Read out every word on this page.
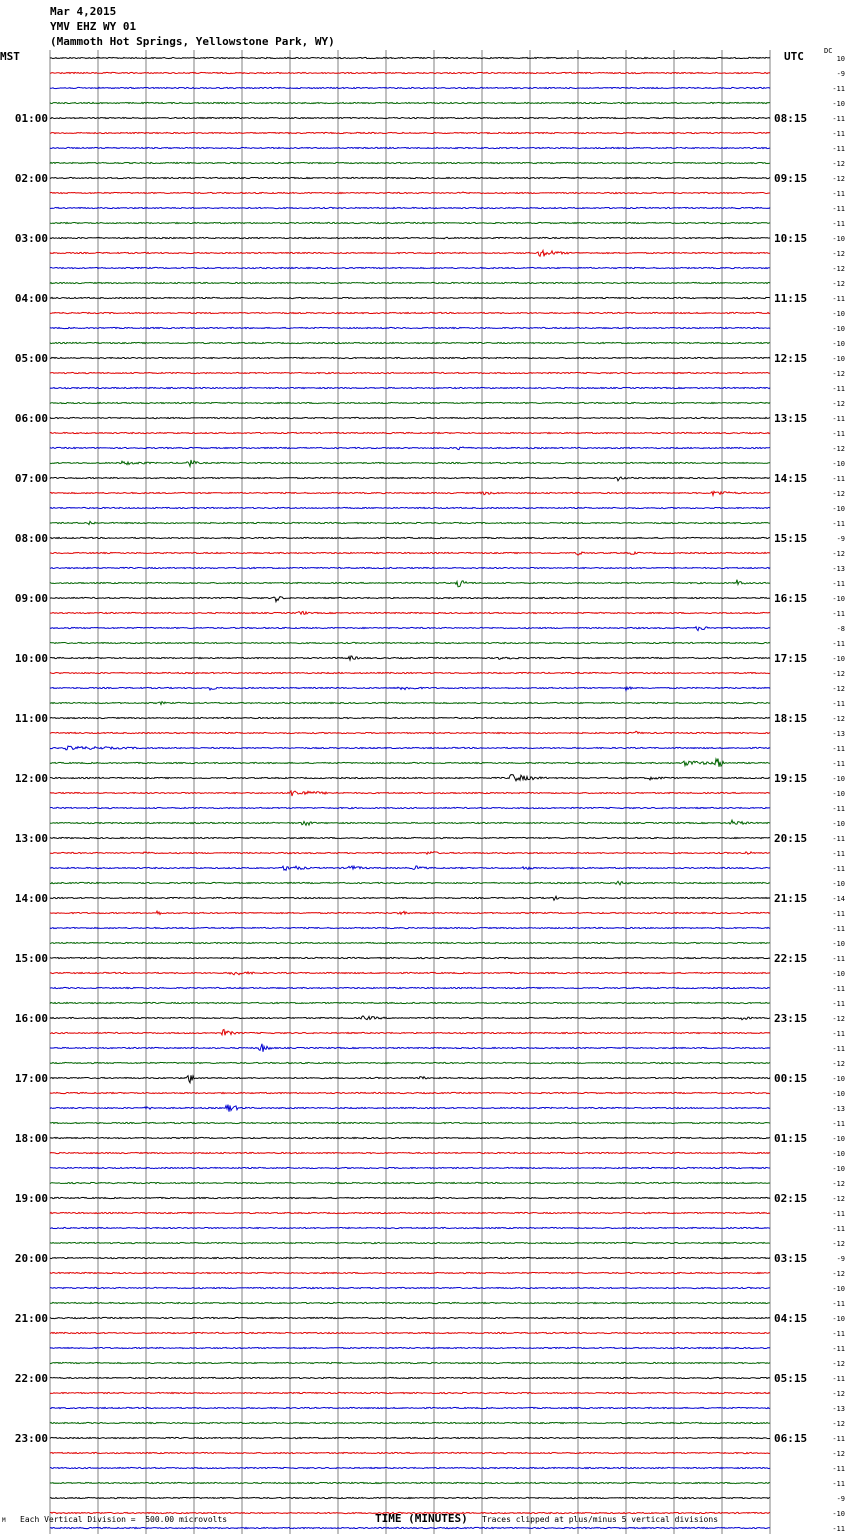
01:00
02:00
03:00
04:00
05:00
06:00
07:00
08:00
09:00
10:00
11:00
12:00
13:00
14:00
15:00
16:00
17:00
18:00
19:00
20:00
21:00
22:00
23:00
08:15
09:15
10:15
11:15
12:15
13:15
14:15
15:15
16:15
17:15
18:15
19:15
20:15
21:15
22:15
23:15
00:15
01:15
02:15
03:15
04:15
05:15
06:15
10
-9
-11
-10
-11
-11
-11
-12
-12
-11
-11
-11
-10
-12
-12
-12
-11
-10
-10
-10
-10
-12
-11
-12
-11
-11
-12
-10
-11
-12
-10
-11
-9
-12
-13
-11
-10
-11
-8
-11
-10
-12
-12
-11
-12
-13
-11
-11
-10
-10
-11
-10
-11
-11
-11
-10
-14
-11
-11
-10
-11
-10
-11
-11
-12
-11
-11
-12
-10
-10
-13
-11
-10
-10
-10
-12
-12
-11
-11
-12
-9
-12
-10
-11
-10
-11
-11
-12
-11
-12
-13
-12
-11
-12
-11
-11
-9
-10
-11
Mar 4,2015
YMV EHZ WY 01
(Mammoth Hot Springs, Yellowstone Park, WY)
MST	UTC	DC
M Each Vertical Division =  500.00 microvolts	TIME (MINUTES) Traces clipped at plus/minus 5 vertical divisions
